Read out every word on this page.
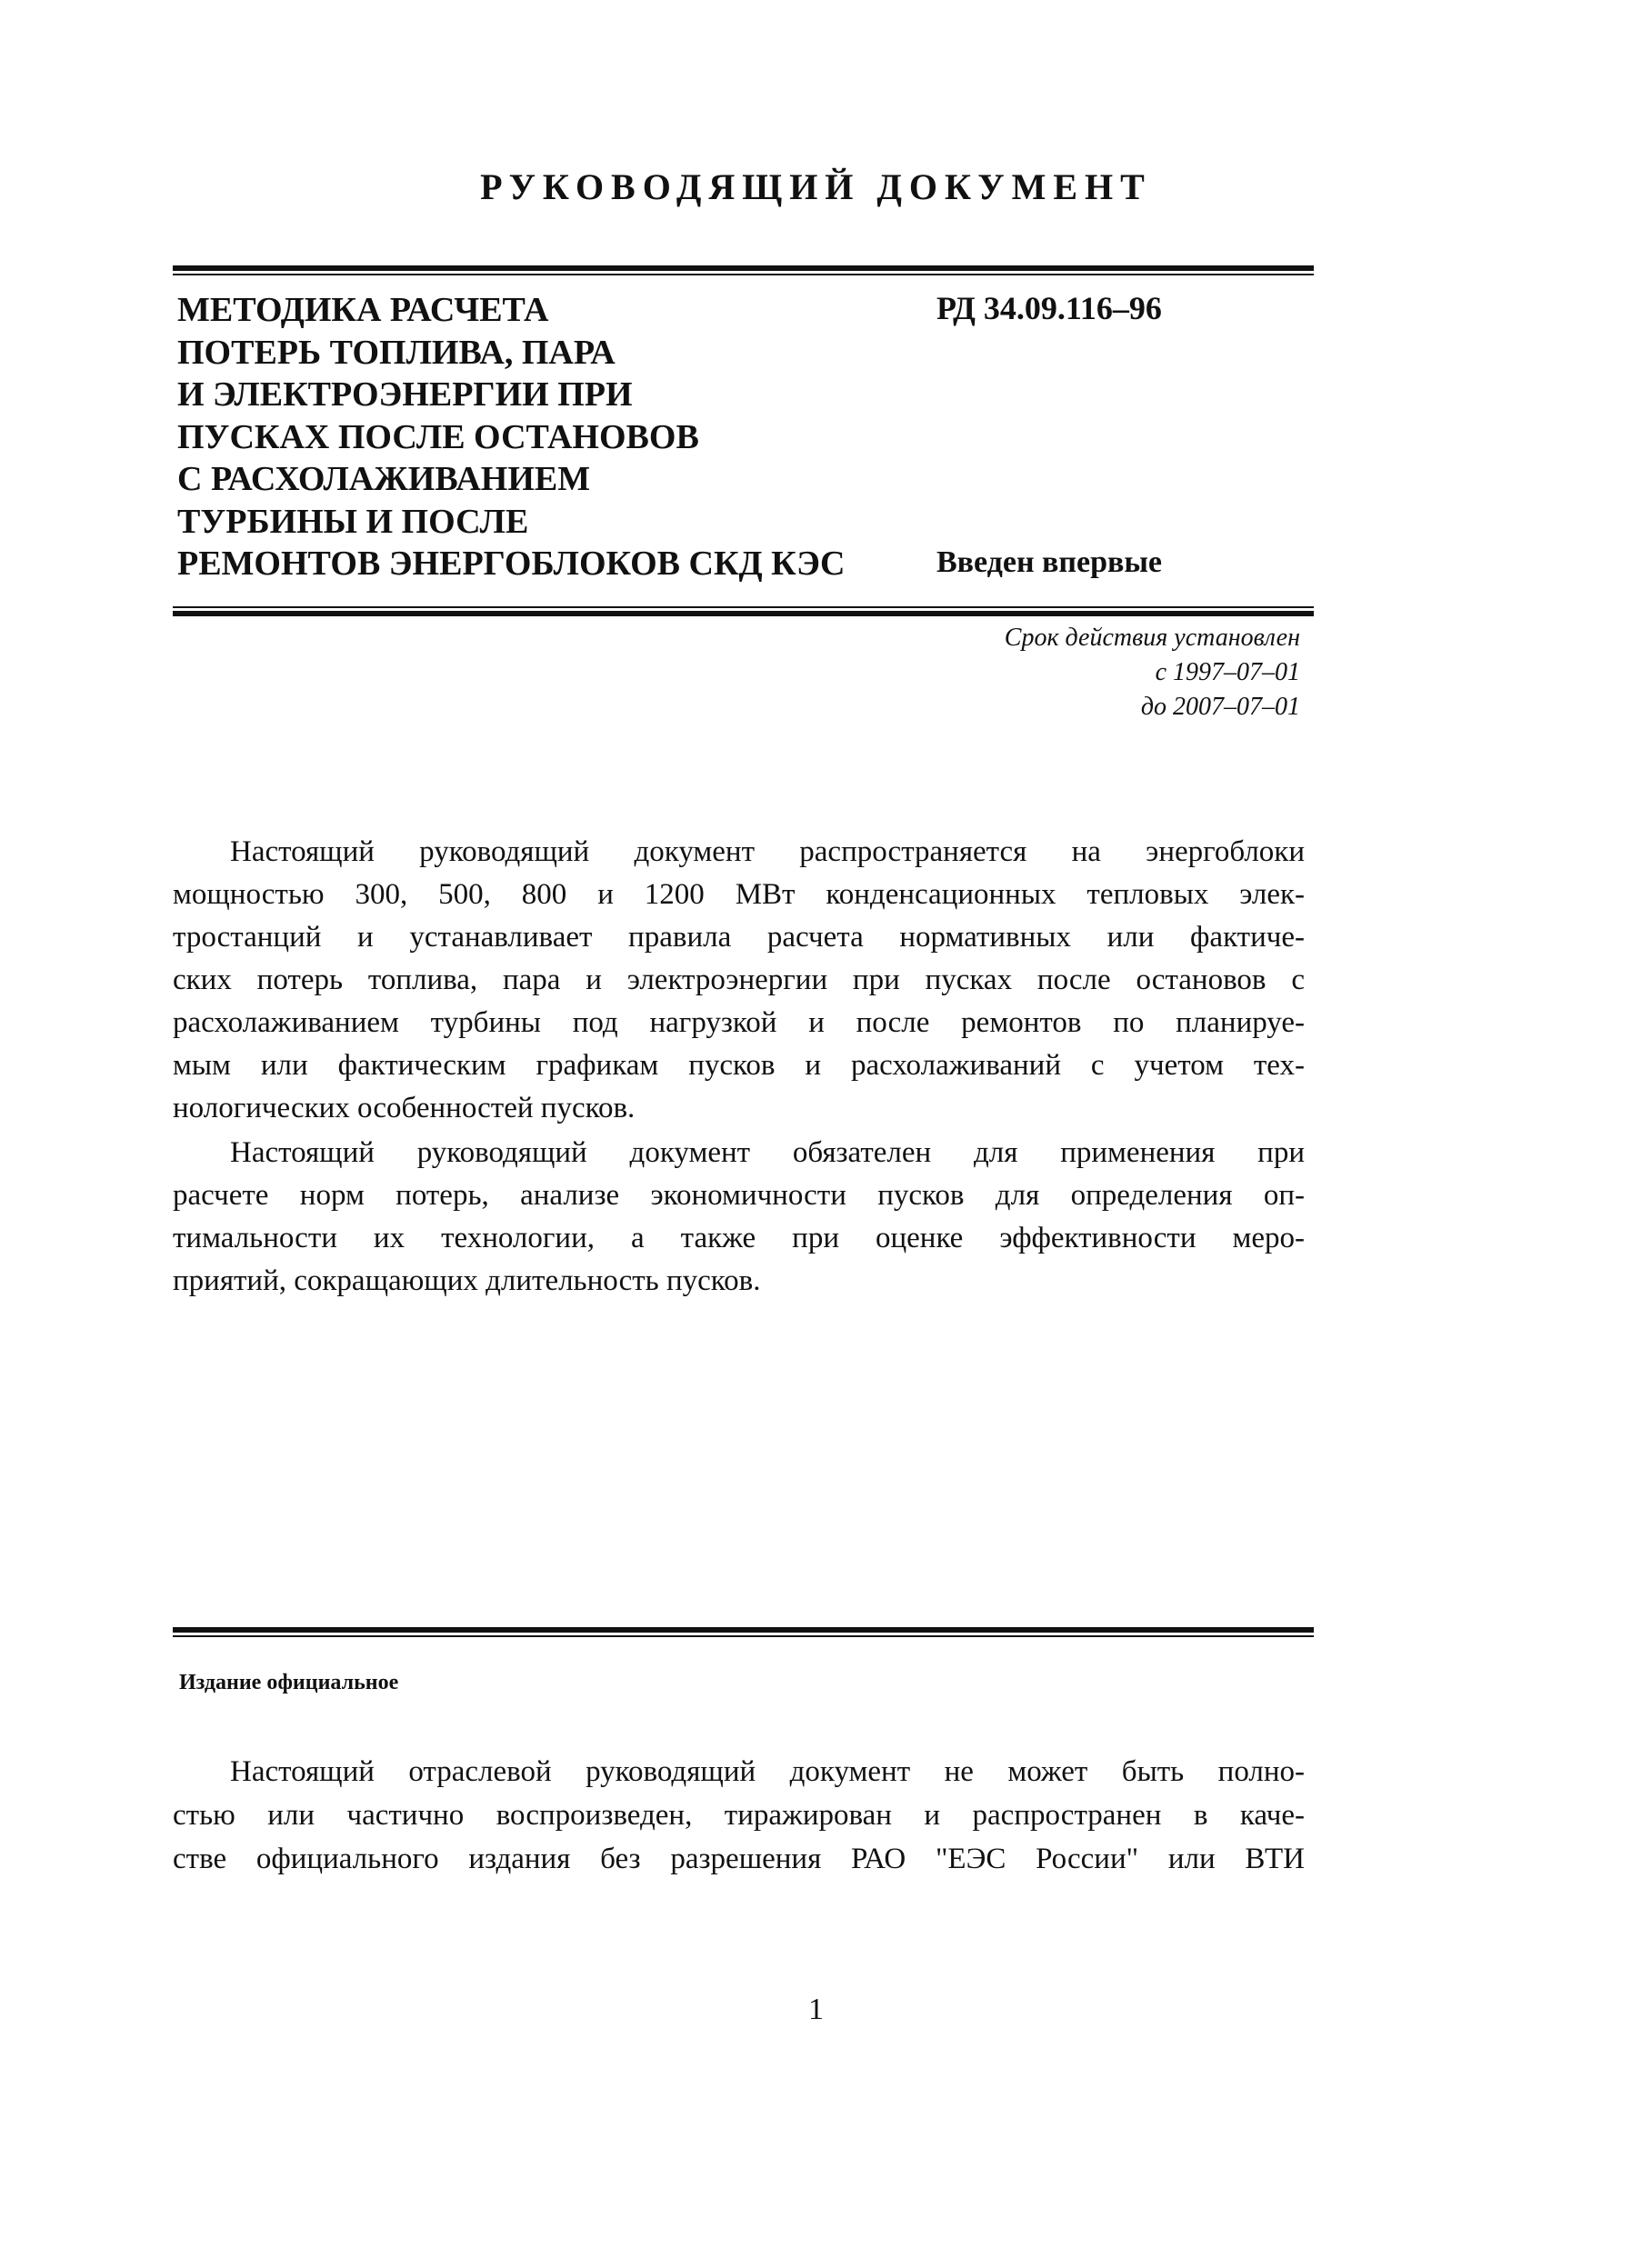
РУКОВОДЯЩИЙ ДОКУМЕНТ
МЕТОДИКА РАСЧЕТА
ПОТЕРЬ ТОПЛИВА, ПАРА
И ЭЛЕКТРОЭНЕРГИИ ПРИ
ПУСКАХ ПОСЛЕ ОСТАНОВОВ
С РАСХОЛАЖИВАНИЕМ
ТУРБИНЫ И ПОСЛЕ
РЕМОНТОВ ЭНЕРГОБЛОКОВ СКД КЭС
РД 34.09.116–96
Введен впервые
Срок действия установлен
с 1997–07–01
до 2007–07–01
Настоящий руководящий документ распространяется на энергоблоки
мощностью 300, 500, 800 и 1200 МВт конденсационных тепловых элек-
тростанций и устанавливает правила расчета нормативных или фактиче-
ских потерь топлива, пара и электроэнергии при пусках после остановов с
расхолаживанием турбины под нагрузкой и после ремонтов по планируе-
мым или фактическим графикам пусков и расхолаживаний с учетом тех-
нологических особенностей пусков.
Настоящий руководящий документ обязателен для применения при
расчете норм потерь, анализе экономичности пусков для определения оп-
тимальности их технологии, а также при оценке эффективности меро-
приятий, сокращающих длительность пусков.
Издание официальное
Настоящий отраслевой руководящий документ не может быть полно-
стью или частично воспроизведен, тиражирован и распространен в каче-
стве официального издания без разрешения РАО "ЕЭС России" или ВТИ
1
